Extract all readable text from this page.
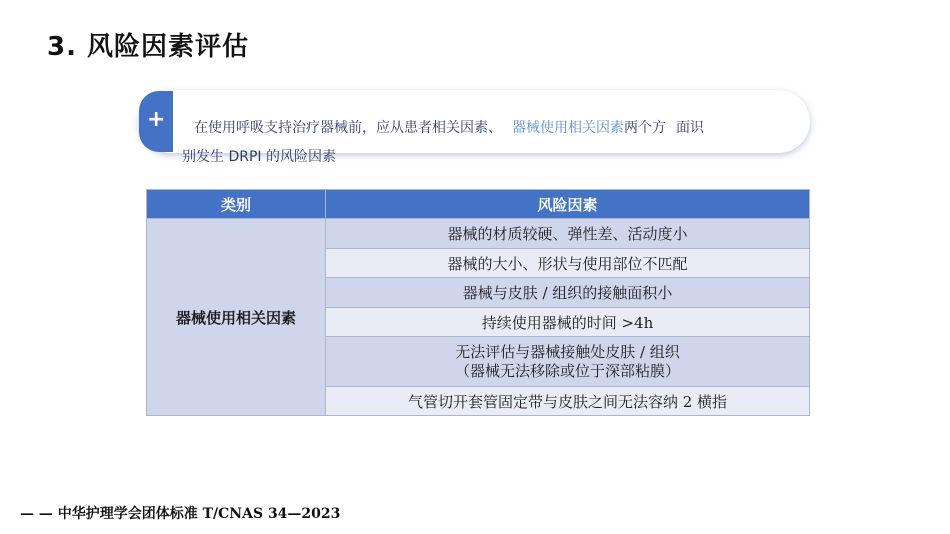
3. 风险因素评估
+	在使用呼吸支持治疗器械前，应从患者相关因素、 器械使用相关因素两个方 面识
别发生 DRPI 的风险因素
类别	风险因素
器械使用相关因素	器械的材质较硬、弹性差、活动度小
	器械的大小、形状与使用部位不匹配
	器械与皮肤 / 组织的接触面积小
	持续使用器械的时间 >4h
	无法评估与器械接触处皮肤 / 组织
（器械无法移除或位于深部粘膜）
	气管切开套管固定带与皮肤之间无法容纳 2 横指
— — 中华护理学会团体标准 T/CNAS 34—2023
